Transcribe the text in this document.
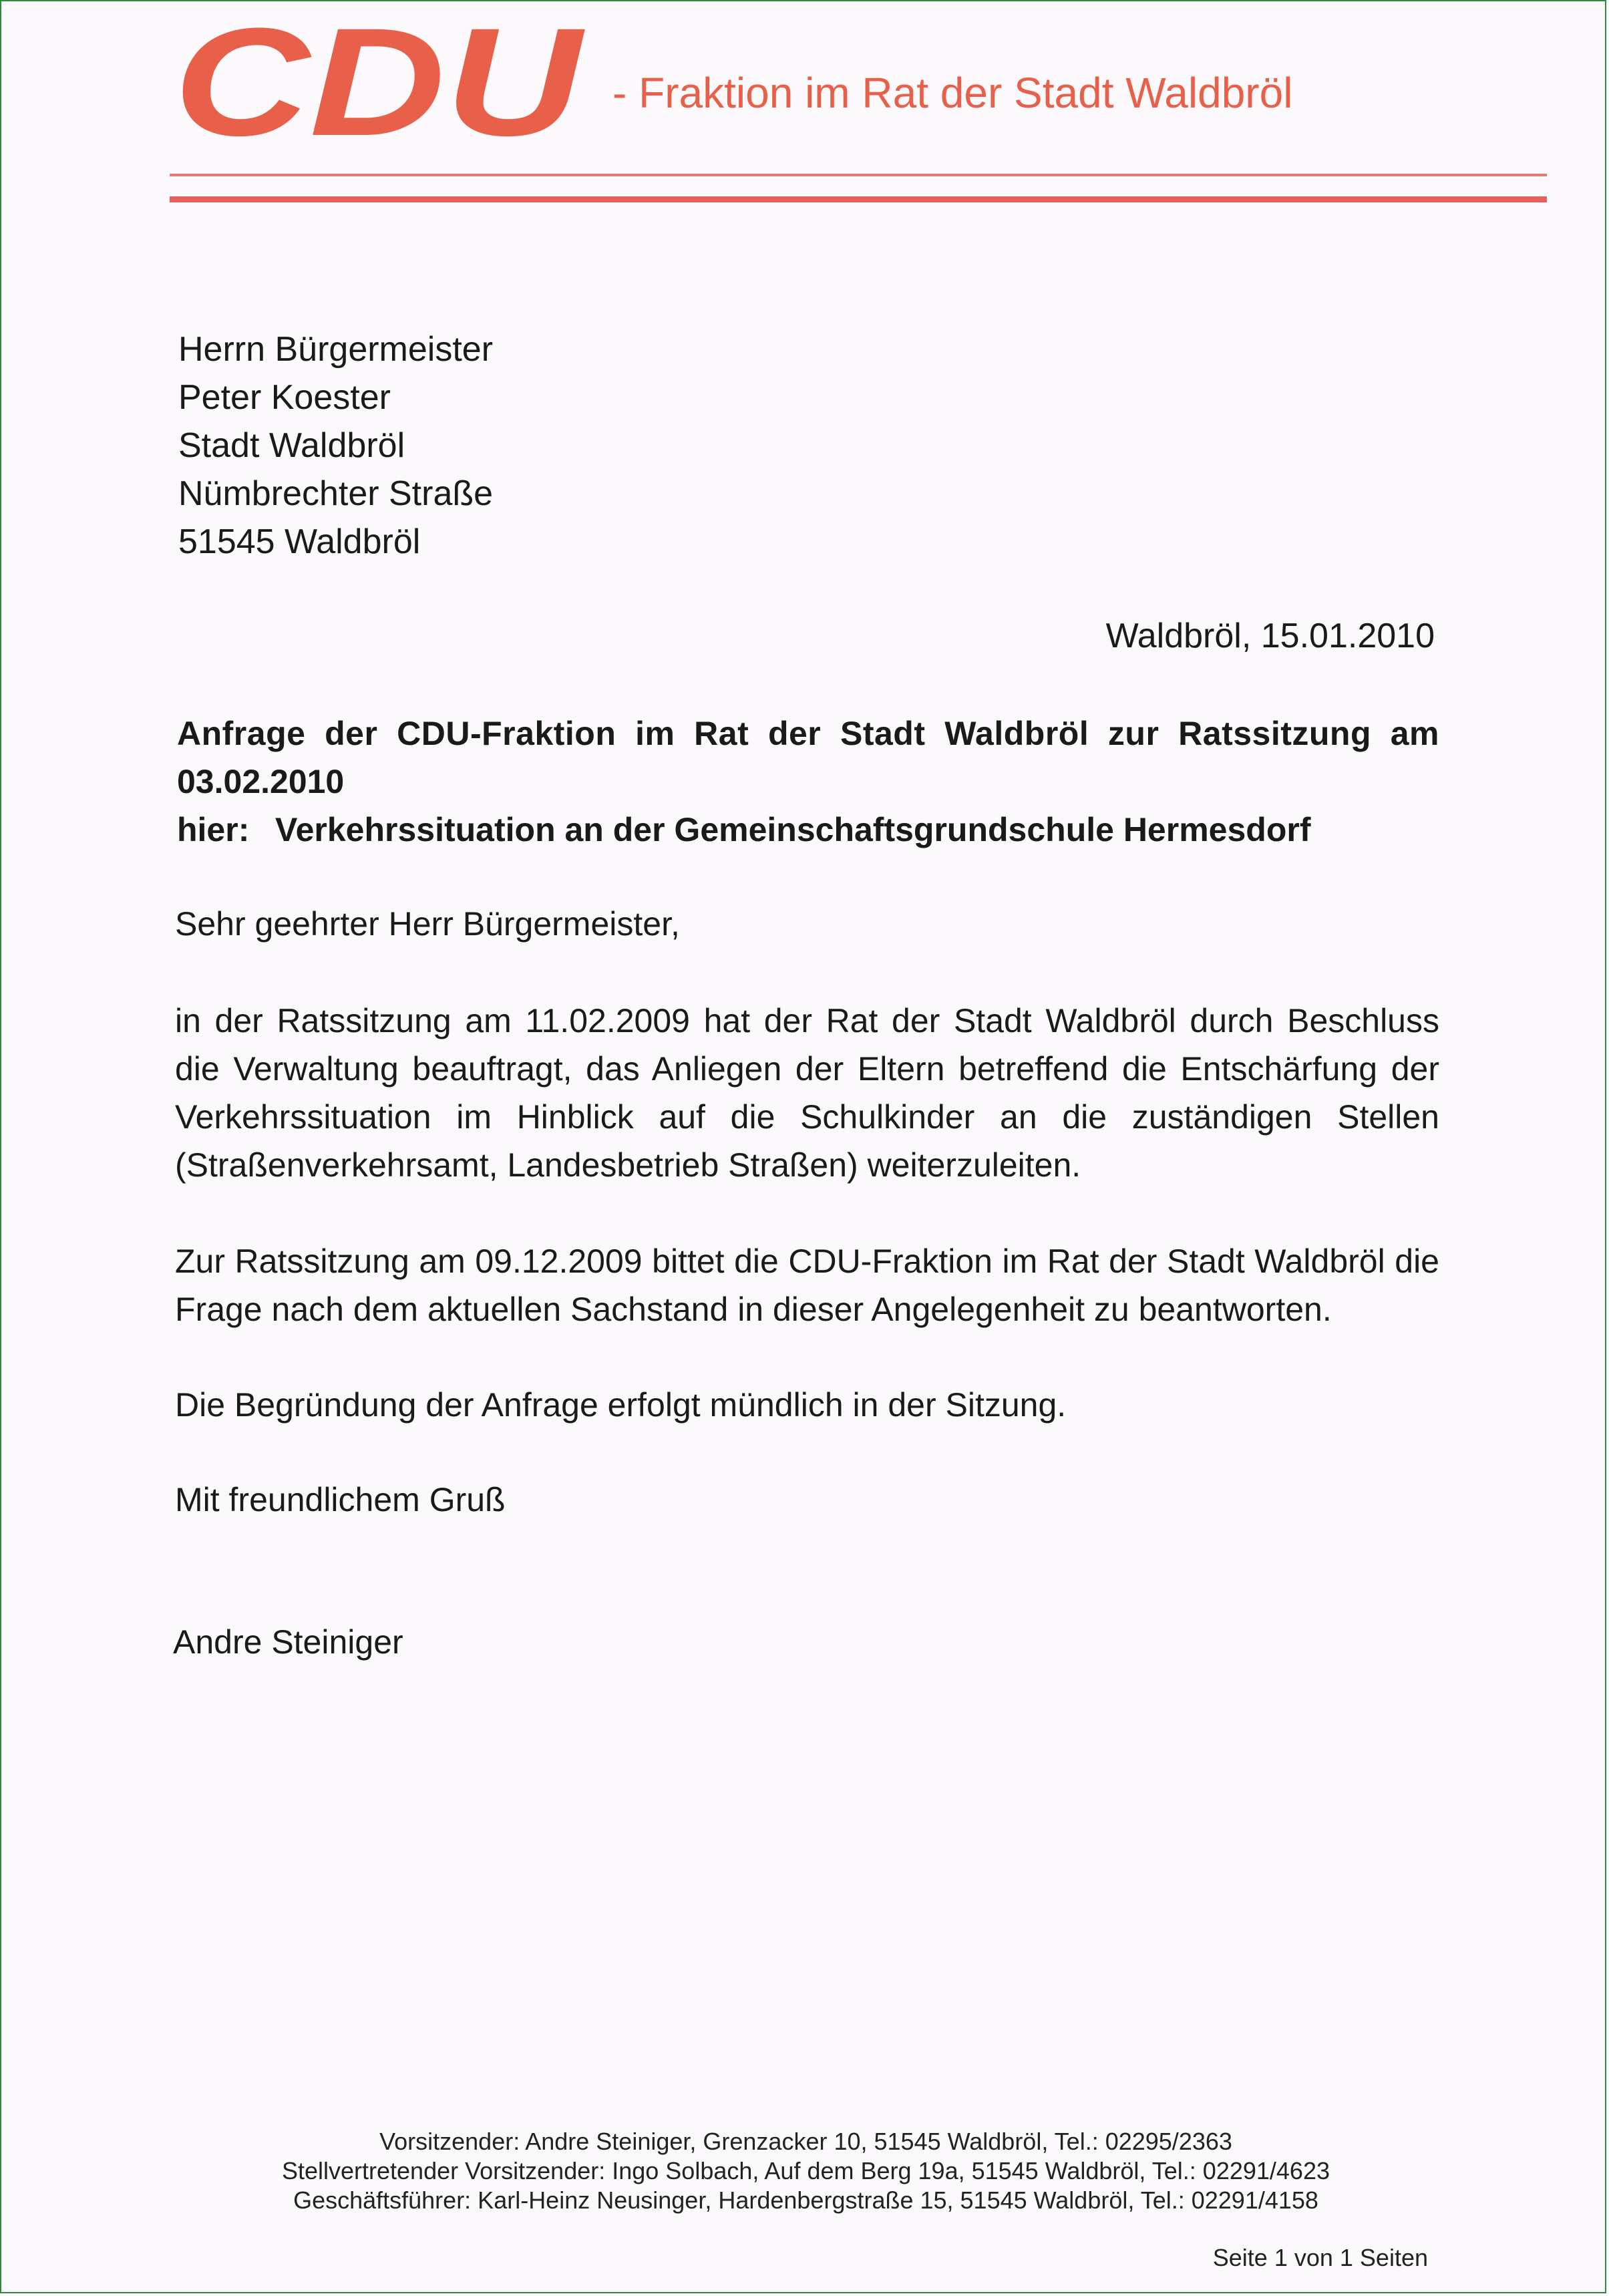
CDU - Fraktion im Rat der Stadt Waldbröl
Herrn Bürgermeister
Peter Koester
Stadt Waldbröl
Nümbrechter Straße
51545 Waldbröl
Waldbröl, 15.01.2010
Anfrage der CDU-Fraktion im Rat der Stadt Waldbröl zur Ratssitzung am
03.02.2010
hier: Verkehrssituation an der Gemeinschaftsgrundschule Hermesdorf
Sehr geehrter Herr Bürgermeister,
in der Ratssitzung am 11.02.2009 hat der Rat der Stadt Waldbröl durch Beschluss
die Verwaltung beauftragt, das Anliegen der Eltern betreffend die Entschärfung der
Verkehrssituation im Hinblick auf die Schulkinder an die zuständigen Stellen
(Straßenverkehrsamt, Landesbetrieb Straßen) weiterzuleiten.
Zur Ratssitzung am 09.12.2009 bittet die CDU-Fraktion im Rat der Stadt Waldbröl die
Frage nach dem aktuellen Sachstand in dieser Angelegenheit zu beantworten.
Die Begründung der Anfrage erfolgt mündlich in der Sitzung.
Mit freundlichem Gruß
Andre Steiniger
Vorsitzender: Andre Steiniger, Grenzacker 10, 51545 Waldbröl, Tel.: 02295/2363
Stellvertretender Vorsitzender: Ingo Solbach, Auf dem Berg 19a, 51545 Waldbröl, Tel.: 02291/4623
Geschäftsführer: Karl-Heinz Neusinger, Hardenbergstraße 15, 51545 Waldbröl, Tel.: 02291/4158
Seite 1 von 1 Seiten
